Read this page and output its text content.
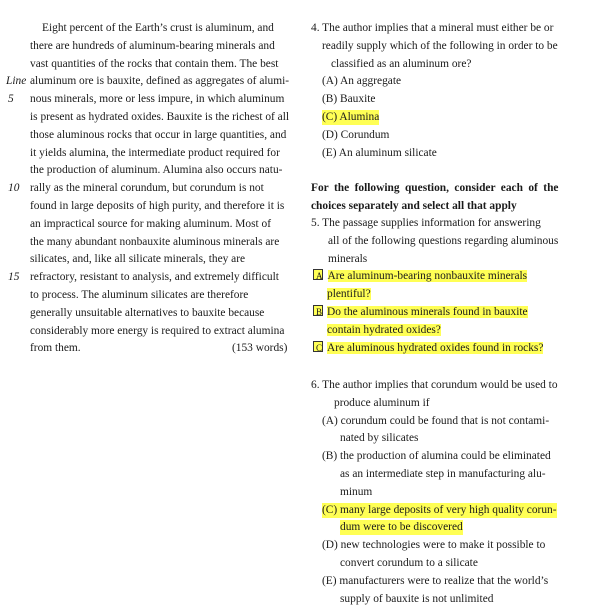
Eight percent of the Earth’s crust is aluminum, and
there are hundreds of aluminum-bearing minerals and
vast quantities of the rocks that contain them. The best
aluminum ore is bauxite, defined as aggregates of alumi-
nous minerals, more or less impure, in which aluminum
is present as hydrated oxides. Bauxite is the richest of all
those aluminous rocks that occur in large quantities, and
it yields alumina, the intermediate product required for
the production of aluminum. Alumina also occurs natu-
rally as the mineral corundum, but corundum is not
found in large deposits of high purity, and therefore it is
an impractical source for making aluminum. Most of
the many abundant nonbauxite aluminous minerals are
silicates, and, like all silicate minerals, they are
refractory, resistant to analysis, and extremely difficult
to process. The aluminum silicates are therefore
generally unsuitable alternatives to bauxite because
considerably more energy is required to extract alumina
from them.	(153 words)
Line
5
10
15
4. The author implies that a mineral must either be or
readily supply which of the following in order to be
classified as an aluminum ore?
(A) An aggregate
(B) Bauxite
(C) Alumina
(D) Corundum
(E) An aluminum silicate
For the following question, consider each of the
choices separately and select all that apply
5. The passage supplies information for answering
all of the following questions regarding aluminous
minerals
A Are aluminum-bearing nonbauxite minerals
plentiful?
B Do the aluminous minerals found in bauxite
contain hydrated oxides?
C Are aluminous hydrated oxides found in rocks?
6. The author implies that corundum would be used to
produce aluminum if
(A) corundum could be found that is not contami-
nated by silicates
(B) the production of alumina could be eliminated
as an intermediate step in manufacturing alu-
minum
(C) many large deposits of very high quality corun-
dum were to be discovered
(D) new technologies were to make it possible to
convert corundum to a silicate
(E) manufacturers were to realize that the world’s
supply of bauxite is not unlimited
